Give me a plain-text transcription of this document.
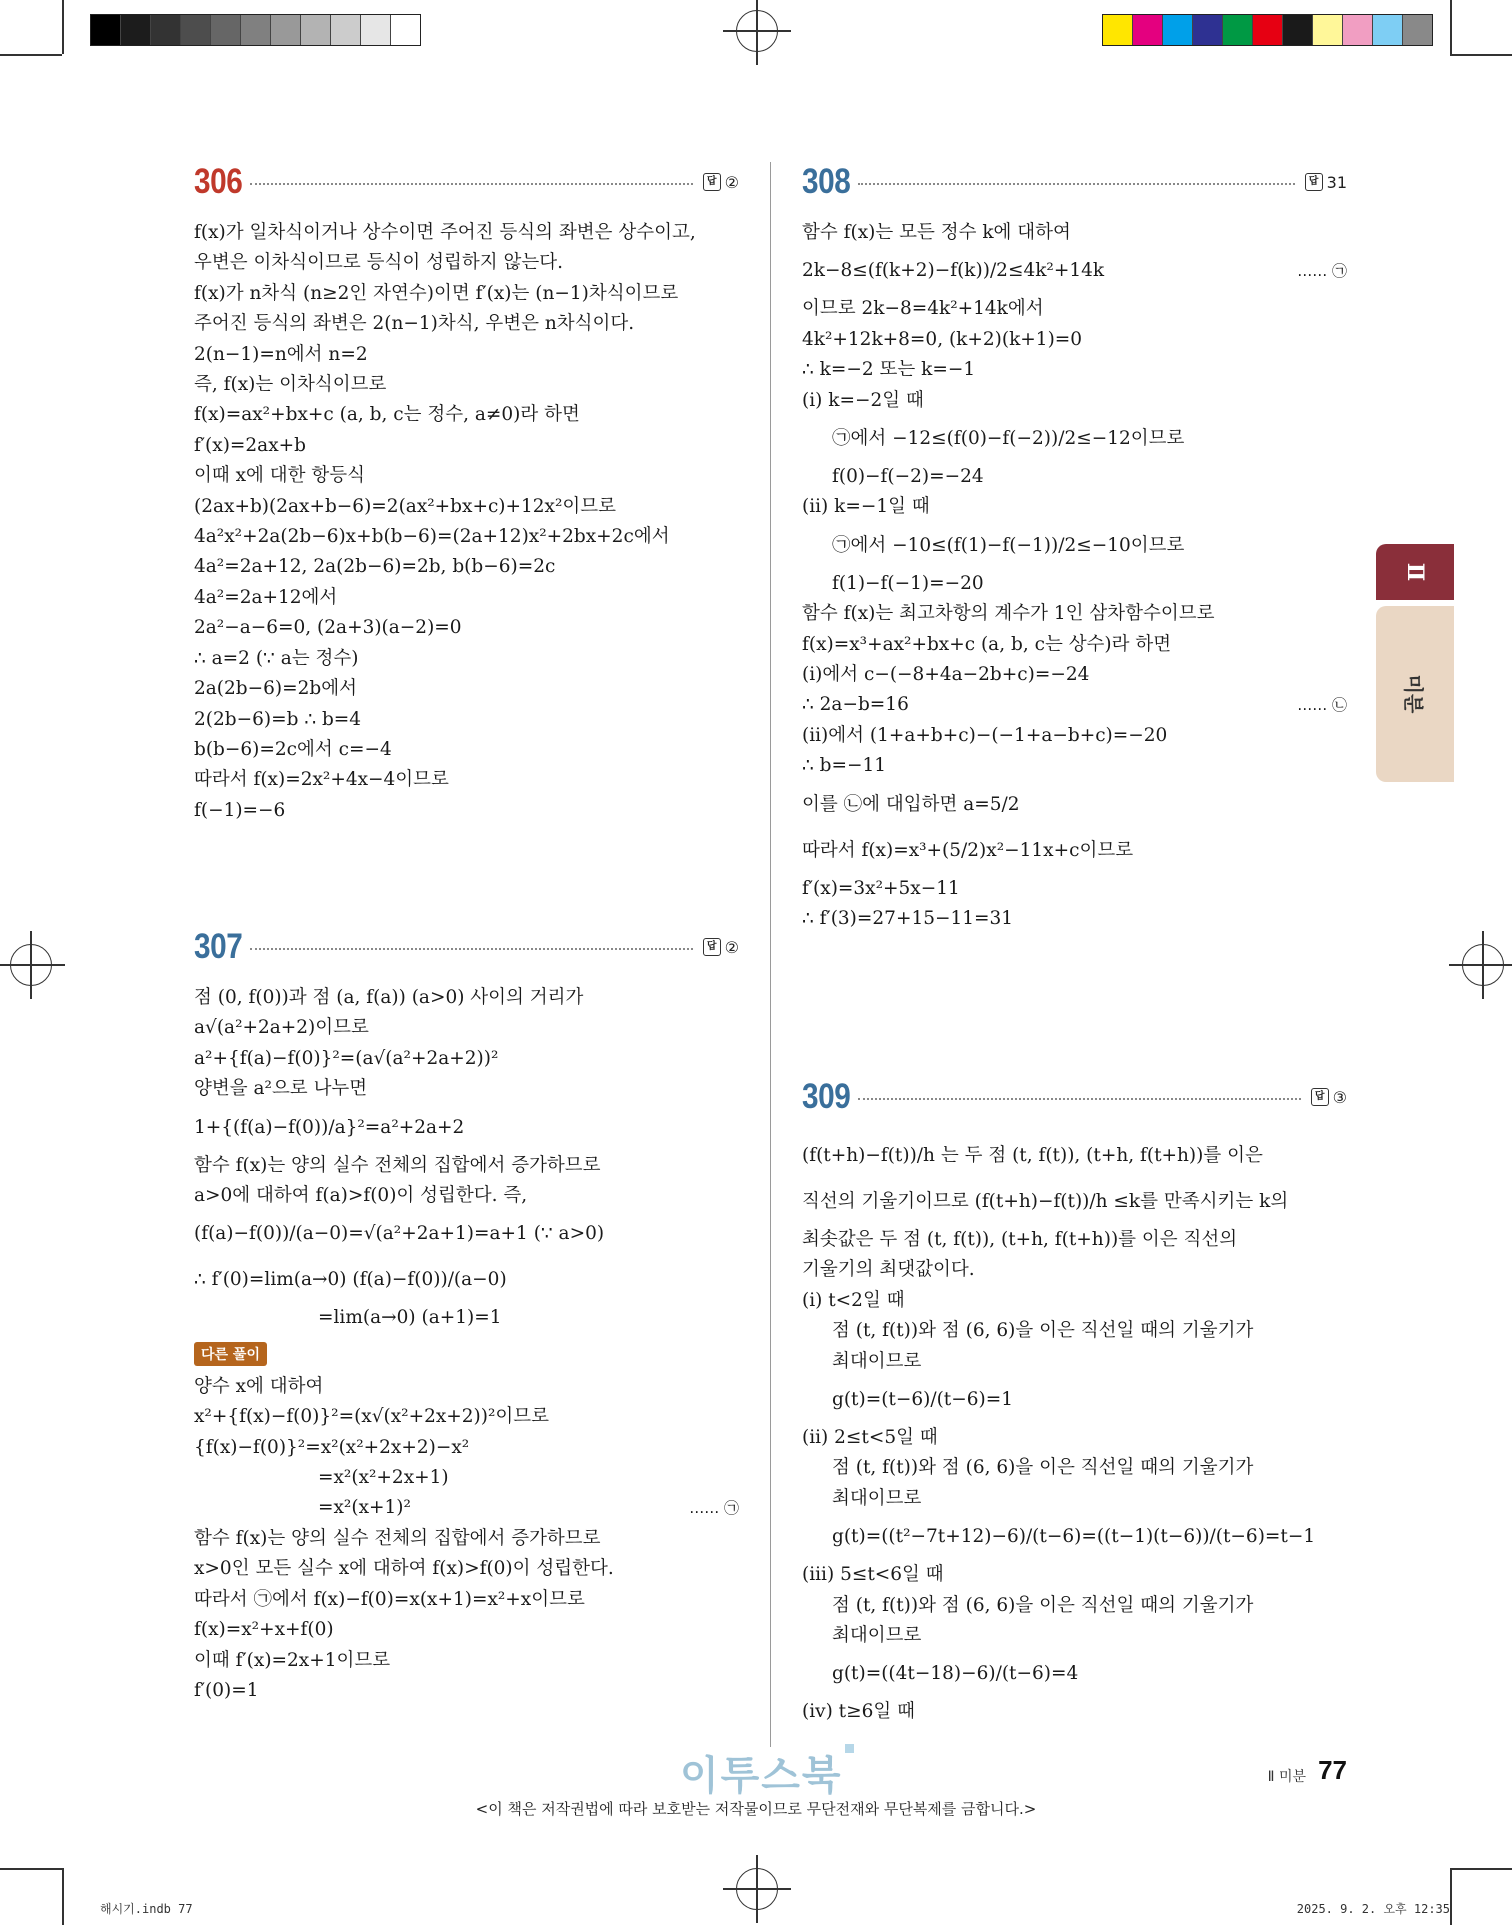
306	답 ②
f(x)가 일차식이거나 상수이면 주어진 등식의 좌변은 상수이고,
우변은 이차식이므로 등식이 성립하지 않는다.
f(x)가 n차식 (n≥2인 자연수)이면 f′(x)는 (n−1)차식이므로
주어진 등식의 좌변은 2(n−1)차식, 우변은 n차식이다.
2(n−1)=n에서 n=2
즉, f(x)는 이차식이므로
f(x)=ax²+bx+c (a, b, c는 정수, a≠0)라 하면
f′(x)=2ax+b
이때 x에 대한 항등식
(2ax+b)(2ax+b−6)=2(ax²+bx+c)+12x²이므로
4a²x²+2a(2b−6)x+b(b−6)=(2a+12)x²+2bx+2c에서
4a²=2a+12, 2a(2b−6)=2b, b(b−6)=2c
4a²=2a+12에서
2a²−a−6=0, (2a+3)(a−2)=0
∴ a=2 (∵ a는 정수)
2a(2b−6)=2b에서
2(2b−6)=b ∴ b=4
b(b−6)=2c에서 c=−4
따라서 f(x)=2x²+4x−4이므로
f(−1)=−6
307	답 ②
점 (0, f(0))과 점 (a, f(a)) (a>0) 사이의 거리가
a√(a²+2a+2)이므로
a²+{f(a)−f(0)}²=(a√(a²+2a+2))²
양변을 a²으로 나누면
1+{(f(a)−f(0))/a}²=a²+2a+2
함수 f(x)는 양의 실수 전체의 집합에서 증가하므로
a>0에 대하여 f(a)>f(0)이 성립한다. 즉,
(f(a)−f(0))/(a−0)=√(a²+2a+1)=a+1 (∵ a>0)
∴ f′(0)=lim(a→0) (f(a)−f(0))/(a−0)
=lim(a→0) (a+1)=1
다른 풀이
양수 x에 대하여
x²+{f(x)−f(0)}²=(x√(x²+2x+2))²이므로
{f(x)−f(0)}²=x²(x²+2x+2)−x²
=x²(x²+2x+1)
=x²(x+1)²	…… ㉠
함수 f(x)는 양의 실수 전체의 집합에서 증가하므로
x>0인 모든 실수 x에 대하여 f(x)>f(0)이 성립한다.
따라서 ㉠에서 f(x)−f(0)=x(x+1)=x²+x이므로
f(x)=x²+x+f(0)
이때 f′(x)=2x+1이므로
f′(0)=1
308	답 31
함수 f(x)는 모든 정수 k에 대하여
2k−8≤(f(k+2)−f(k))/2≤4k²+14k	…… ㉠
이므로 2k−8=4k²+14k에서
4k²+12k+8=0, (k+2)(k+1)=0
∴ k=−2 또는 k=−1
(i) k=−2일 때
㉠에서 −12≤(f(0)−f(−2))/2≤−12이므로
f(0)−f(−2)=−24
(ii) k=−1일 때
㉠에서 −10≤(f(1)−f(−1))/2≤−10이므로
f(1)−f(−1)=−20
함수 f(x)는 최고차항의 계수가 1인 삼차함수이므로
f(x)=x³+ax²+bx+c (a, b, c는 상수)라 하면
(i)에서 c−(−8+4a−2b+c)=−24
∴ 2a−b=16	…… ㉡
(ii)에서 (1+a+b+c)−(−1+a−b+c)=−20
∴ b=−11
이를 ㉡에 대입하면 a=5/2
따라서 f(x)=x³+(5/2)x²−11x+c이므로
f′(x)=3x²+5x−11
∴ f′(3)=27+15−11=31
309	답 ③
(f(t+h)−f(t))/h 는 두 점 (t, f(t)), (t+h, f(t+h))를 이은
직선의 기울기이므로 (f(t+h)−f(t))/h ≤k를 만족시키는 k의
최솟값은 두 점 (t, f(t)), (t+h, f(t+h))를 이은 직선의
기울기의 최댓값이다.
(i) t<2일 때
점 (t, f(t))와 점 (6, 6)을 이은 직선일 때의 기울기가
최대이므로
g(t)=(t−6)/(t−6)=1
(ii) 2≤t<5일 때
점 (t, f(t))와 점 (6, 6)을 이은 직선일 때의 기울기가
최대이므로
g(t)=((t²−7t+12)−6)/(t−6)=((t−1)(t−6))/(t−6)=t−1
(iii) 5≤t<6일 때
점 (t, f(t))와 점 (6, 6)을 이은 직선일 때의 기울기가
최대이므로
g(t)=((4t−18)−6)/(t−6)=4
(iv) t≥6일 때
Ⅱ
미분
이투스북	Ⅱ 미분 77
<이 책은 저작권법에 따라 보호받는 저작물이므로 무단전재와 무단복제를 금합니다.>
해시기.indb 77	2025. 9. 2. 오후 12:35
